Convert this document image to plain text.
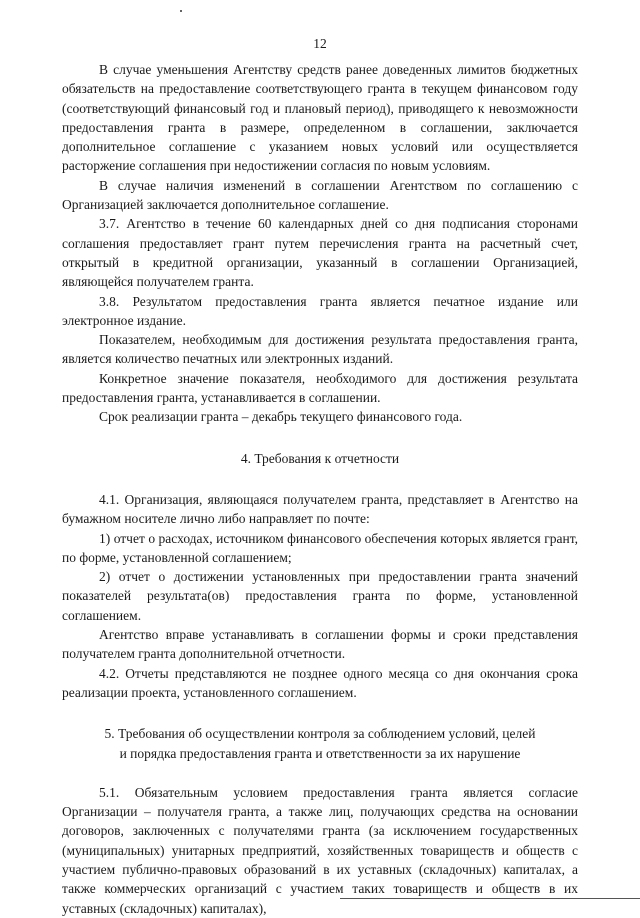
12

В случае уменьшения Агентству средств ранее доведенных лимитов бюджетных обязательств на предоставление соответствующего гранта в текущем финансовом году (соответствующий финансовый год и плановый период), приводящего к невозможности предоставления гранта в размере, определенном в соглашении, заключается дополнительное соглашение с указанием новых условий или осуществляется расторжение соглашения при недостижении согласия по новым условиям.

В случае наличия изменений в соглашении Агентством по соглашению с Организацией заключается дополнительное соглашение.

3.7. Агентство в течение 60 календарных дней со дня подписания сторонами соглашения предоставляет грант путем перечисления гранта на расчетный счет, открытый в кредитной организации, указанный в соглашении Организацией, являющейся получателем гранта.

3.8. Результатом предоставления гранта является печатное издание или электронное издание.

Показателем, необходимым для достижения результата предоставления гранта, является количество печатных или электронных изданий.

Конкретное значение показателя, необходимого для достижения результата предоставления гранта, устанавливается в соглашении.

Срок реализации гранта – декабрь текущего финансового года.

4. Требования к отчетности

4.1. Организация, являющаяся получателем гранта, представляет в Агентство на бумажном носителе лично либо направляет по почте:

1) отчет о расходах, источником финансового обеспечения которых является грант, по форме, установленной соглашением;

2) отчет о достижении установленных при предоставлении гранта значений показателей результата(ов) предоставления гранта по форме, установленной соглашением.

Агентство вправе устанавливать в соглашении формы и сроки представления получателем гранта дополнительной отчетности.

4.2. Отчеты представляются не позднее одного месяца со дня окончания срока реализации проекта, установленного соглашением.

5. Требования об осуществлении контроля за соблюдением условий, целей
и порядка предоставления гранта и ответственности за их нарушение

5.1. Обязательным условием предоставления гранта является согласие Организации – получателя гранта, а также лиц, получающих средства на основании договоров, заключенных с получателями гранта (за исключением государственных (муниципальных) унитарных предприятий, хозяйственных товариществ и обществ с участием публично-правовых образований в их уставных (складочных) капиталах, а также коммерческих организаций с участием таких товариществ и обществ в их уставных (складочных) капиталах),
